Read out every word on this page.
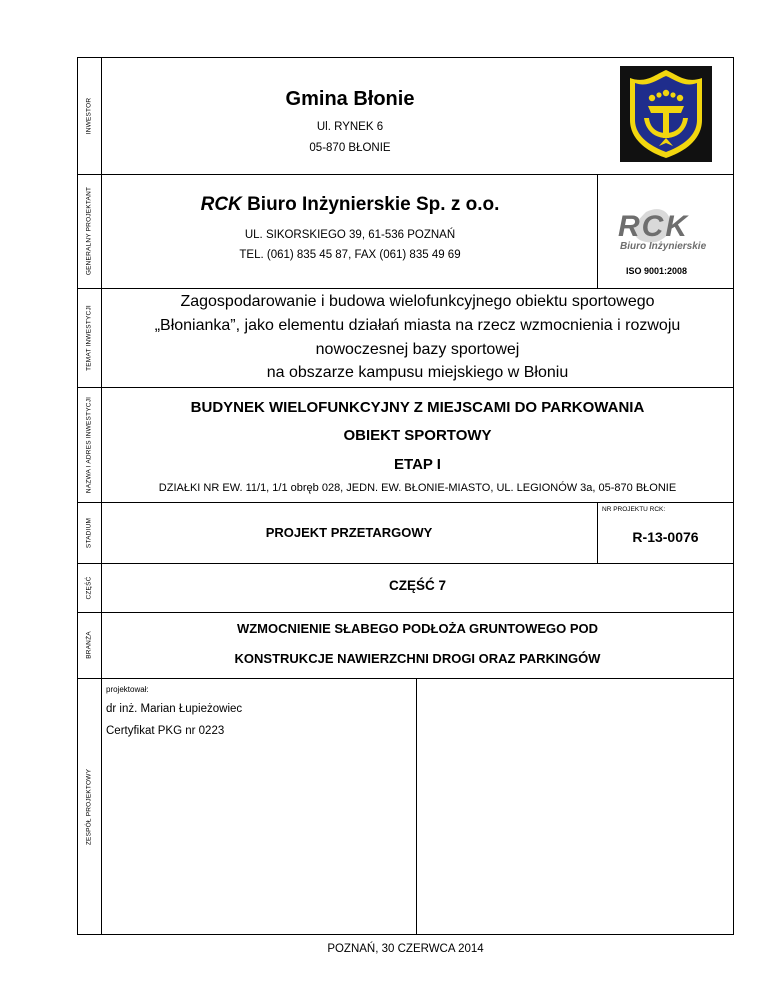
INWESTOR
GENERALNY PROJEKTANT
TEMAT INWESTYCJI
NAZWA I ADRES INWESTYCJI
STADIUM
CZĘŚĆ
BRANŻA
ZESPÓŁ PROJEKTOWY
Gmina Błonie
Ul. RYNEK 6
05-870 BŁONIE
RCK Biuro Inżynierskie Sp. z o.o.
UL. SIKORSKIEGO 39, 61-536 POZNAŃ
TEL. (061) 835 45 87, FAX (061) 835 49 69
RCK
Biuro Inżynierskie
ISO 9001:2008
Zagospodarowanie i budowa wielofunkcyjnego obiektu sportowego
„Błonianka”, jako elementu działań miasta na rzecz wzmocnienia i rozwoju
nowoczesnej bazy sportowej
na obszarze kampusu miejskiego w Błoniu
BUDYNEK WIELOFUNKCYJNY Z MIEJSCAMI DO PARKOWANIA
OBIEKT SPORTOWY
ETAP I
DZIAŁKI NR EW. 11/1, 1/1 obręb 028, JEDN. EW. BŁONIE-MIASTO, UL. LEGIONÓW 3a, 05-870 BŁONIE
PROJEKT PRZETARGOWY
NR PROJEKTU RCK:
R-13-0076
CZĘŚĆ 7
WZMOCNIENIE SŁABEGO PODŁOŻA GRUNTOWEGO POD
KONSTRUKCJE NAWIERZCHNI DROGI ORAZ PARKINGÓW
projektował:
dr inż. Marian Łupieżowiec
Certyfikat PKG nr 0223
POZNAŃ, 30 CZERWCA 2014
